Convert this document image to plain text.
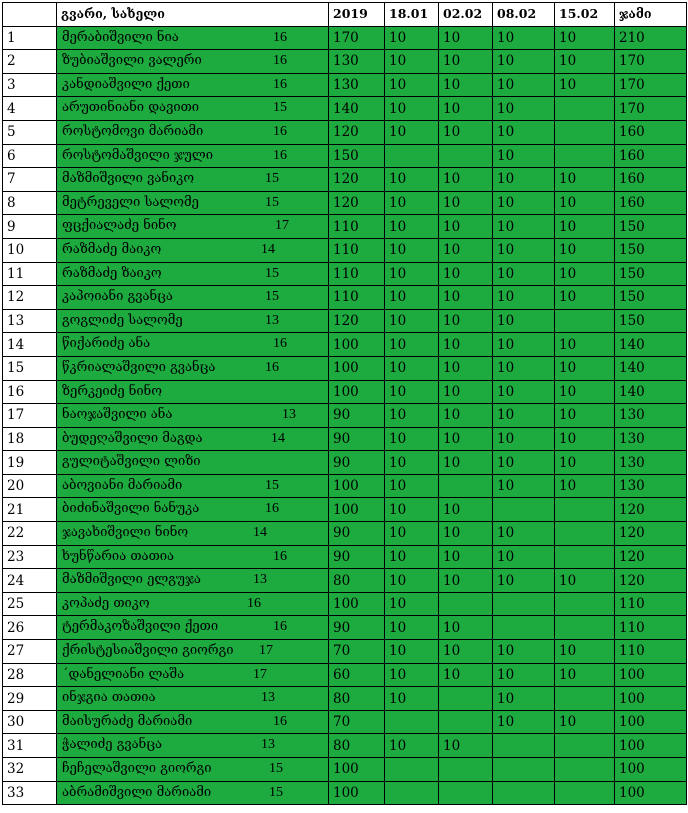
	გვარი, სახელი	2019	18.01	02.02	08.02	15.02	ჯამი
1	მერაბიშვილი ნია 16	170	10	10	10	10	210
2	ზუბიაშვილი ვალერი 16	130	10	10	10	10	170
3	კანდიაშვილი ქეთი 16	130	10	10	10	10	170
4	არუთინიანი დავითი 15	140	10	10	10		170
5	როსტომოვი მარიამი 16	120	10	10	10		160
6	როსტომაშვილი ჯული 16	150			10		160
7	მაზმიშვილი ვანიკო 15	120	10	10	10	10	160
8	მეტრეველი სალომე 15	120	10	10	10	10	160
9	ფცქიალაძე ნინო 17	110	10	10	10	10	150
10	რაზმაძე მაიკო 14	110	10	10	10	10	150
11	რაზმაძე ზაიკო 15	110	10	10	10	10	150
12	კაპოიანი გვანცა 15	110	10	10	10	10	150
13	გოგლიძე სალომე 13	120	10	10	10		150
14	წიქარიძე ანა 16	100	10	10	10	10	140
15	წკრიალაშვილი გვანცა 16	100	10	10	10	10	140
16	ზერკეიძე ნინო	100	10	10	10	10	140
17	ნაოჯაშვილი ანა 13	90	10	10	10	10	130
18	ბუდეღაშვილი მაგდა 14	90	10	10	10	10	130
19	გულიტაშვილი ლიზი	90	10	10	10	10	130
20	აბოვიანი მარიამი 15	100	10		10	10	130
21	ბიძინაშვილი ნანუკა 16	100	10	10			120
22	ჯავახიშვილი ნინო 14	90	10	10	10		120
23	ხუნწარია თათია 16	90	10	10	10		120
24	მაზმიშვილი ელგუჯა 13	80	10	10	10	10	120
25	კოპაძე თიკო 16	100	10				110
26	ტერმაკოზაშვილი ქეთი 16	90	10	10			110
27	ქრისტესიაშვილი გიორგი 17	70	10	10	10	10	110
28	´დანელიანი ლაშა 17	60	10	10	10	10	100
29	ინჯგია თათია 13	80	10		10		100
30	მაისურაძე მარიამი 16	70			10	10	100
31	ჭალიძე გვანცა 13	80	10	10			100
32	ჩეჩელაშვილი გიორგი 15	100					100
33	აბრამიშვილი მარიამი 15	100					100
